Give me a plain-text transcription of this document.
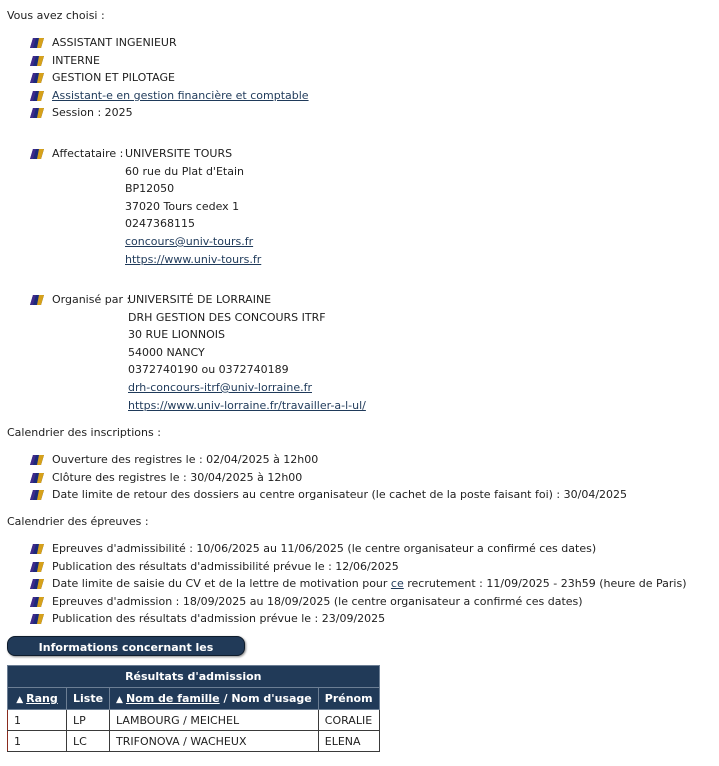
Vous avez choisi :
ASSISTANT INGENIEUR
INTERNE
GESTION ET PILOTAGE
Assistant-e en gestion financière et comptable
Session : 2025
Affectataire : UNIVERSITE TOURS
60 rue du Plat d'Etain
BP12050
37020 Tours cedex 1
0247368115
concours@univ-tours.fr
https://www.univ-tours.fr
Organisé par :
UNIVERSITÉ DE LORRAINE
DRH GESTION DES CONCOURS ITRF
30 RUE LIONNOIS
54000 NANCY
0372740190 ou 0372740189
drh-concours-itrf@univ-lorraine.fr
https://www.univ-lorraine.fr/travailler-a-l-ul/
Calendrier des inscriptions :
Ouverture des registres le : 02/04/2025 à 12h00
Clôture des registres le : 30/04/2025 à 12h00
Date limite de retour des dossiers au centre organisateur (le cachet de la poste faisant foi) : 30/04/2025
Calendrier des épreuves :
Epreuves d'admissibilité : 10/06/2025 au 11/06/2025 (le centre organisateur a confirmé ces dates)
Publication des résultats d'admissibilité prévue le : 12/06/2025
Date limite de saisie du CV et de la lettre de motivation pour ce recrutement : 11/09/2025 - 23h59 (heure de Paris)
Epreuves d'admission : 18/09/2025 au 18/09/2025 (le centre organisateur a confirmé ces dates)
Publication des résultats d'admission prévue le : 23/09/2025
Informations concernant les
Résultats d'admission			
▲ Rang	Liste	▲ Nom de famille / Nom d'usage	Prénom
1	LP	LAMBOURG / MEICHEL	CORALIE
1	LC	TRIFONOVA / WACHEUX	ELENA
